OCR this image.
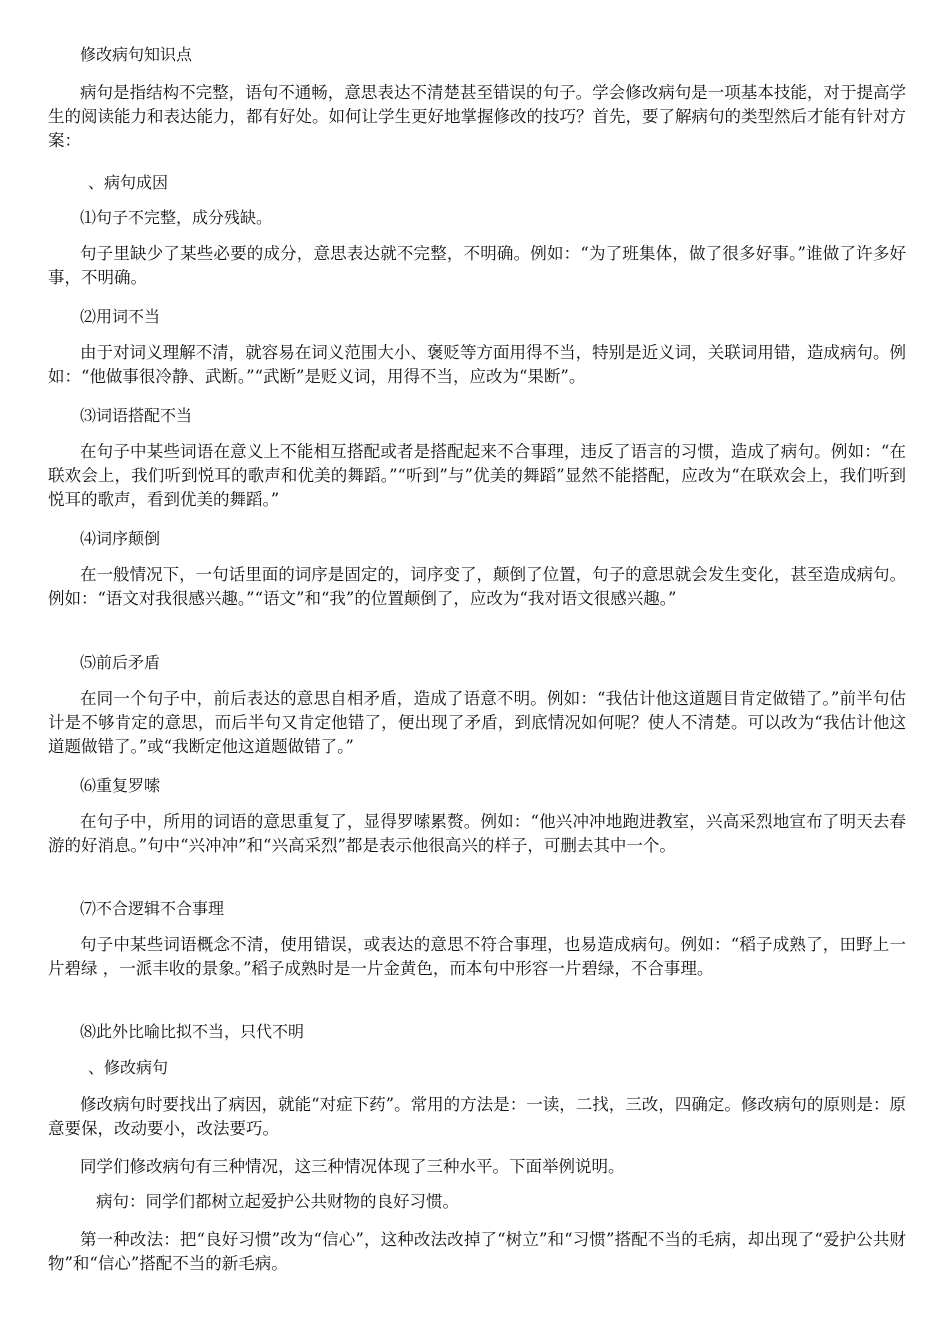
修改病句知识点

病句是指结构不完整，语句不通畅，意思表达不清楚甚至错误的句子。学会修改病句是一项基本技能，对于提高学生的阅读能力和表达能力，都有好处。如何让学生更好地掌握修改的技巧？首先，要了解病句的类型然后才能有针对方案：

、病句成因
⑴句子不完整，成分残缺。

句子里缺少了某些必要的成分，意思表达就不完整，不明确。例如：“为了班集体，做了很多好事。”谁做了许多好事，不明确。

⑵用词不当

由于对词义理解不清，就容易在词义范围大小、褒贬等方面用得不当，特别是近义词，关联词用错，造成病句。例如：“他做事很冷静、武断。”“武断”是贬义词，用得不当，应改为“果断”。

⑶词语搭配不当

在句子中某些词语在意义上不能相互搭配或者是搭配起来不合事理，违反了语言的习惯，造成了病句。例如：“在联欢会上，我们听到悦耳的歌声和优美的舞蹈。”“听到”与”优美的舞蹈”显然不能搭配，应改为“在联欢会上，我们听到悦耳的歌声，看到优美的舞蹈。”

⑷词序颠倒

在一般情况下，一句话里面的词序是固定的，词序变了，颠倒了位置，句子的意思就会发生变化，甚至造成病句。例如：“语文对我很感兴趣。”“语文”和“我”的位置颠倒了，应改为“我对语文很感兴趣。”

⑸前后矛盾

在同一个句子中，前后表达的意思自相矛盾，造成了语意不明。例如：“我估计他这道题目肯定做错了。”前半句估计是不够肯定的意思，而后半句又肯定他错了，便出现了矛盾，到底情况如何呢？使人不清楚。可以改为“我估计他这道题做错了。”或“我断定他这道题做错了。”

⑹重复罗嗦

在句子中，所用的词语的意思重复了，显得罗嗦累赘。例如：“他兴冲冲地跑进教室，兴高采烈地宣布了明天去春游的好消息。”句中“兴冲冲”和“兴高采烈”都是表示他很高兴的样子，可删去其中一个。

⑺不合逻辑不合事理

句子中某些词语概念不清，使用错误，或表达的意思不符合事理，也易造成病句。例如：“稻子成熟了，田野上一片碧绿 ，一派丰收的景象。”稻子成熟时是一片金黄色，而本句中形容一片碧绿，不合事理。

⑻此外比喻比拟不当，只代不明
、修改病句

修改病句时要找出了病因，就能“对症下药”。常用的方法是：一读，二找，三改，四确定。修改病句的原则是：原意要保，改动要小，改法要巧。

同学们修改病句有三种情况，这三种情况体现了三种水平。下面举例说明。

病句：同学们都树立起爱护公共财物的良好习惯。

第一种改法：把“良好习惯”改为“信心”，这种改法改掉了“树立”和“习惯”搭配不当的毛病，却出现了“爱护公共财物”和“信心”搭配不当的新毛病。
